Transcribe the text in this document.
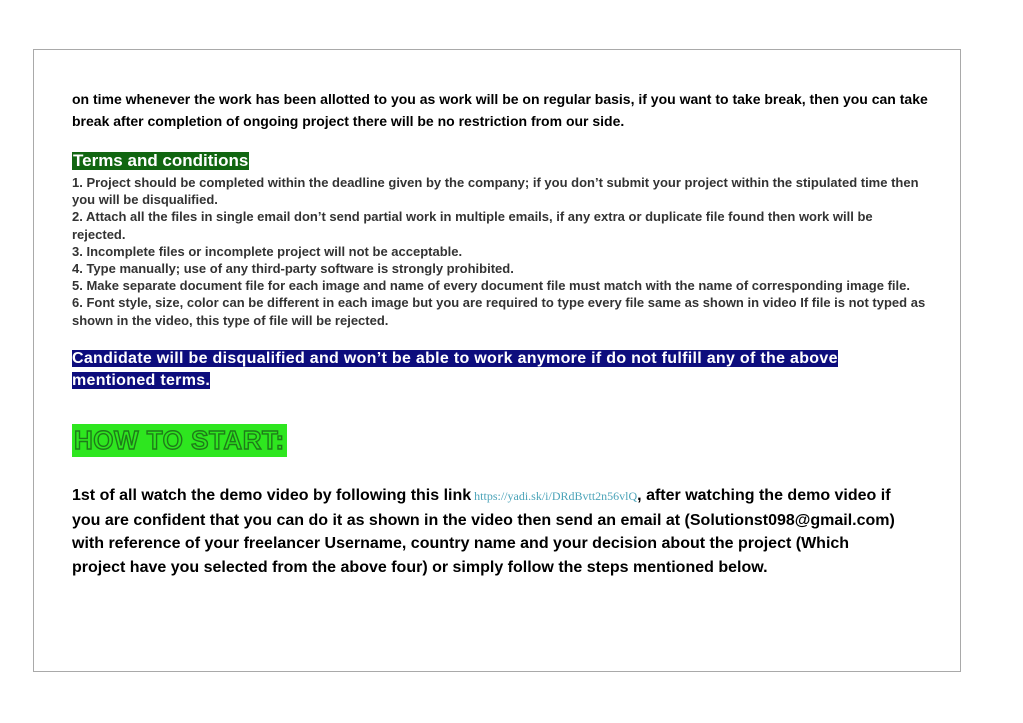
on time whenever the work has been allotted to you as work will be on regular basis, if you want to take break, then you can take break after completion of ongoing project there will be no restriction from our side.

Terms and conditions
1. Project should be completed within the deadline given by the company; if you don’t submit your project within the stipulated time then you will be disqualified.
2. Attach all the files in single email don’t send partial work in multiple emails, if any extra or duplicate file found then work will be rejected.
3. Incomplete files or incomplete project will not be acceptable.
4. Type manually; use of any third-party software is strongly prohibited.
5. Make separate document file for each image and name of every document file must match with the name of corresponding image file.
6. Font style, size, color can be different in each image but you are required to type every file same as shown in video If file is not typed as shown in the video, this type of file will be rejected.

Candidate will be disqualified and won’t be able to work anymore if do not fulfill any of the above mentioned terms.

HOW TO START:

1st of all watch the demo video by following this link https://yadi.sk/i/DRdBvtt2n56vlQ, after watching the demo video if you are confident that you can do it as shown in the video then send an email at (Solutionst098@gmail.com) with reference of your freelancer Username, country name and your decision about the project (Which project have you selected from the above four) or simply follow the steps mentioned below.
